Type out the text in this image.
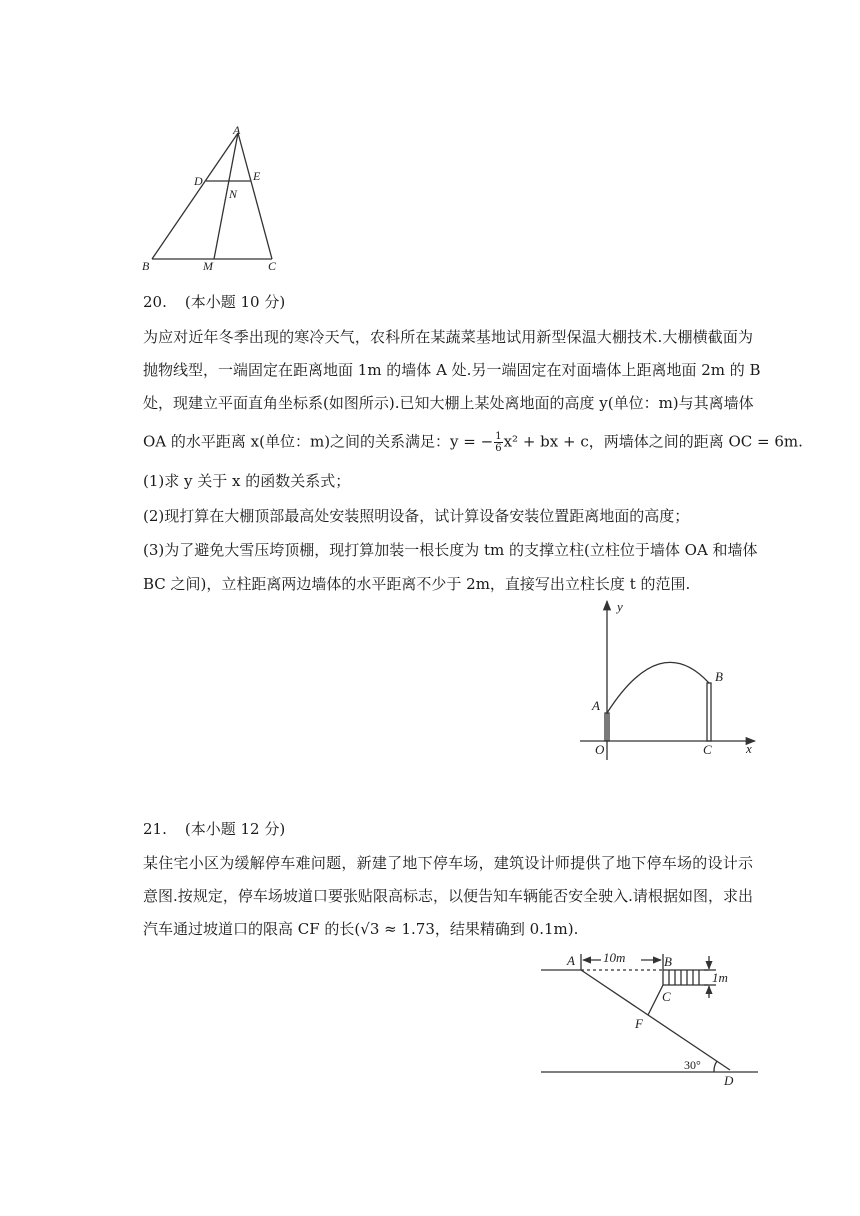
A
D	E
N
B	M	C
20. (本小题 10 分)
为应对近年冬季出现的寒冷天气，农科所在某蔬菜基地试用新型保温大棚技术.大棚横截面为
抛物线型，一端固定在距离地面 1m 的墙体 A 处.另一端固定在对面墙体上距离地面 2m 的 B
处，现建立平面直角坐标系(如图所示).已知大棚上某处离地面的高度 y(单位：m)与其离墙体
OA 的水平距离 x(单位：m)之间的关系满足：y = − $\frac{1}{6} x^2$ + bx + c，两墙体之间的距离 OC = 6m.
(1)求 y 关于 x 的函数关系式；
(2)现打算在大棚顶部最高处安装照明设备，试计算设备安装位置距离地面的高度；
(3)为了避免大雪压垮顶棚，现打算加装一根长度为 tm 的支撑立柱(立柱位于墙体 OA 和墙体
BC 之间)，立柱距离两边墙体的水平距离不少于 2m，直接写出立柱长度 t 的范围.
y
x
A
B
O	C
21. (本小题 12 分)
某住宅小区为缓解停车难问题，新建了地下停车场，建筑设计师提供了地下停车场的设计示
意图.按规定，停车场坡道口要张贴限高标志，以便告知车辆能否安全驶入.请根据如图，求出
汽车通过坡道口的限高 CF 的长(√3 ≈ 1.73，结果精确到 0.1m).
10m
1m
A	B
C
F
D
30°
